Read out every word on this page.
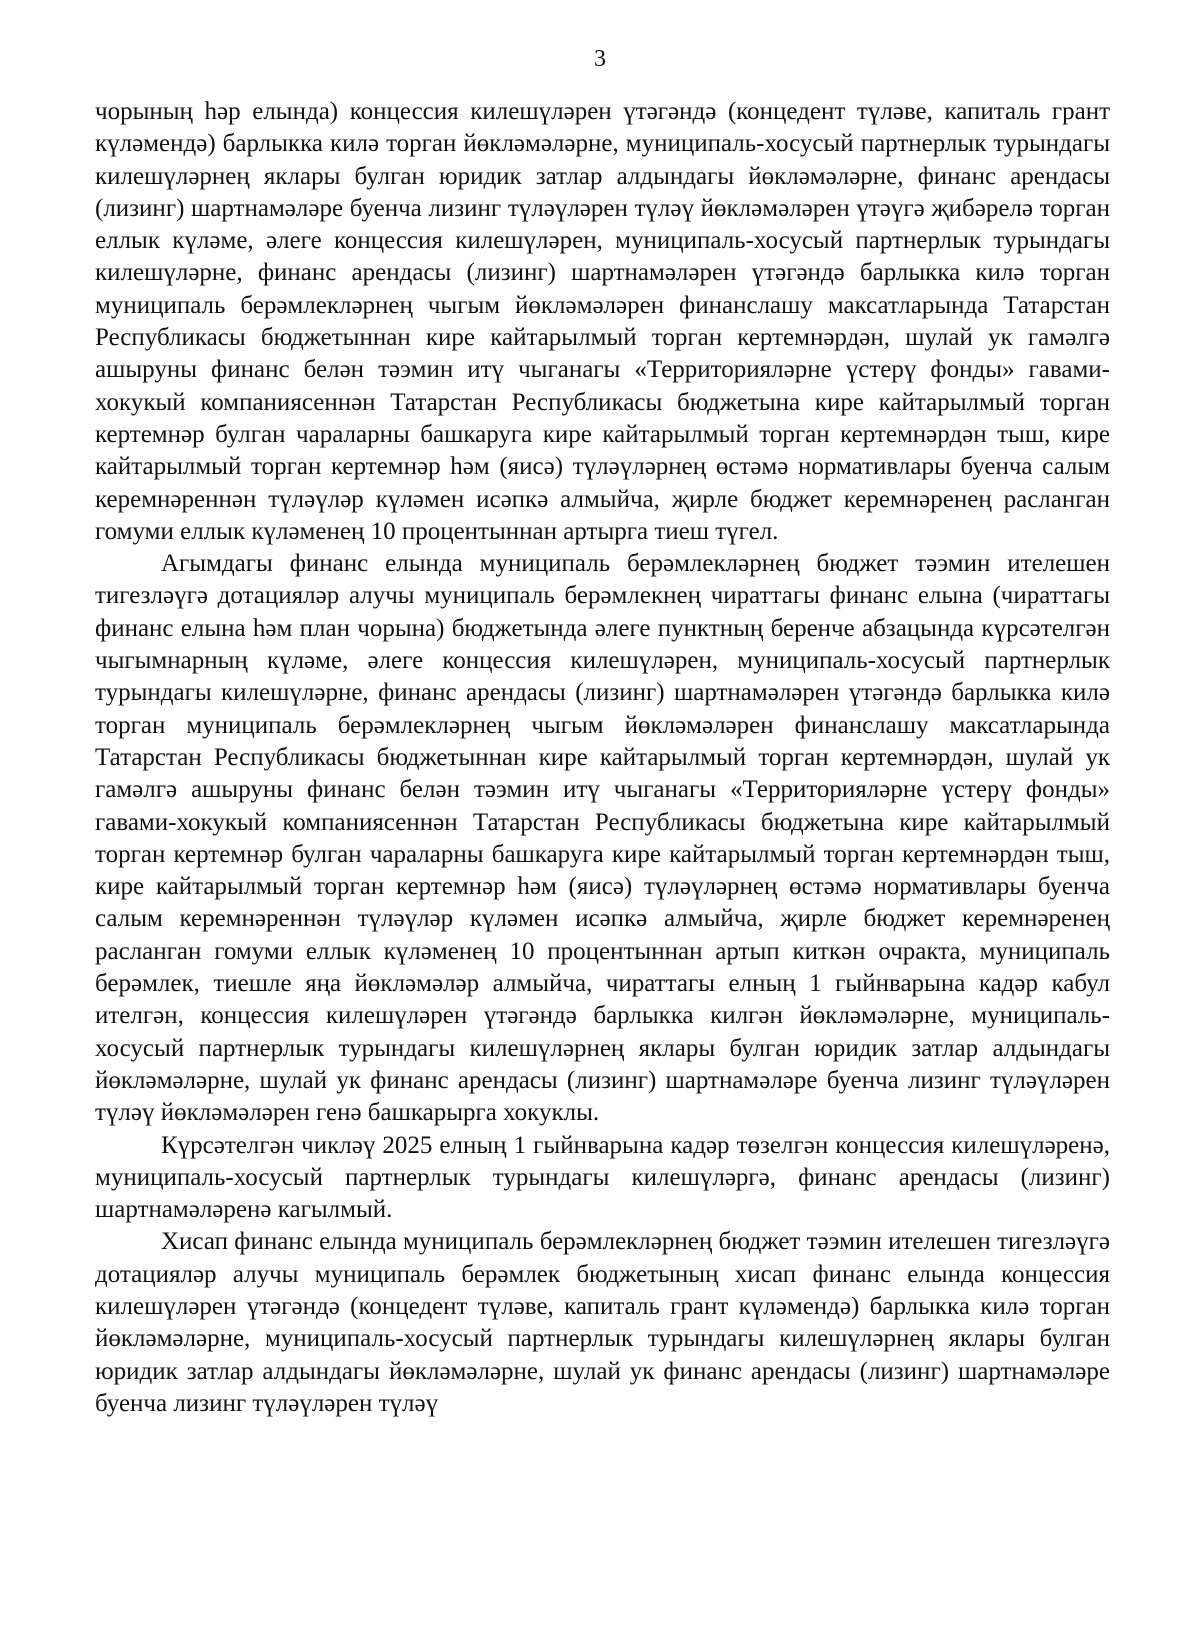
3

чорының һәр елында) концессия килешүләрен үтәгәндә (концедент түләве, капиталь грант күләмендә) барлыкка килә торган йөкләмәләрне, муниципаль-хосусый партнерлык турындагы килешүләрнең яклары булган юридик затлар алдындагы йөкләмәләрне, финанс арендасы (лизинг) шартнамәләре буенча лизинг түләүләрен түләү йөкләмәләрен үтәүгә җибәрелә торган еллык күләме, әлеге концессия килешүләрен, муниципаль-хосусый партнерлык турындагы килешүләрне, финанс арендасы (лизинг) шартнамәләрен үтәгәндә барлыкка килә торган муниципаль берәмлекләрнең чыгым йөкләмәләрен финанслашу максатларында Татарстан Республикасы бюджетыннан кире кайтарылмый торган кертемнәрдән, шулай ук гамәлгә ашыруны финанс белән тәэмин итү чыганагы «Территорияләрне үстерү фонды» гавами-хокукый компаниясеннән Татарстан Республикасы бюджетына кире кайтарылмый торган кертемнәр булган чараларны башкаруга кире кайтарылмый торган кертемнәрдән тыш, кире кайтарылмый торган кертемнәр һәм (яисә) түләүләрнең өстәмә нормативлары буенча салым керемнәреннән түләүләр күләмен исәпкә алмыйча, җирле бюджет керемнәренең расланган гомуми еллык күләменең 10 процентыннан артырга тиеш түгел.

Агымдагы финанс елында муниципаль берәмлекләрнең бюджет тәэмин ителешен тигезләүгә дотацияләр алучы муниципаль берәмлекнең чираттагы финанс елына (чираттагы финанс елына һәм план чорына) бюджетында әлеге пунктның беренче абзацында күрсәтелгән чыгымнарның күләме, әлеге концессия килешүләрен, муниципаль-хосусый партнерлык турындагы килешүләрне, финанс арендасы (лизинг) шартнамәләрен үтәгәндә барлыкка килә торган муниципаль берәмлекләрнең чыгым йөкләмәләрен финанслашу максатларында Татарстан Республикасы бюджетыннан кире кайтарылмый торган кертемнәрдән, шулай ук гамәлгә ашыруны финанс белән тәэмин итү чыганагы «Территорияләрне үстерү фонды» гавами-хокукый компаниясеннән Татарстан Республикасы бюджетына кире кайтарылмый торган кертемнәр булган чараларны башкаруга кире кайтарылмый торган кертемнәрдән тыш, кире кайтарылмый торган кертемнәр һәм (яисә) түләүләрнең өстәмә нормативлары буенча салым керемнәреннән түләүләр күләмен исәпкә алмыйча, җирле бюджет керемнәренең расланган гомуми еллык күләменең 10 процентыннан артып киткән очракта, муниципаль берәмлек, тиешле яңа йөкләмәләр алмыйча, чираттагы елның 1 гыйнварына кадәр кабул ителгән, концессия килешүләрен үтәгәндә барлыкка килгән йөкләмәләрне, муниципаль-хосусый партнерлык турындагы килешүләрнең яклары булган юридик затлар алдындагы йөкләмәләрне, шулай ук финанс арендасы (лизинг) шартнамәләре буенча лизинг түләүләрен түләү йөкләмәләрен генә башкарырга хокуклы.

Күрсәтелгән чикләү 2025 елның 1 гыйнварына кадәр төзелгән концессия килешүләренә, муниципаль-хосусый партнерлык турындагы килешүләргә, финанс арендасы (лизинг) шартнамәләренә кагылмый.

Хисап финанс елында муниципаль берәмлекләрнең бюджет тәэмин ителешен тигезләүгә дотацияләр алучы муниципаль берәмлек бюджетының хисап финанс елында концессия килешүләрен үтәгәндә (концедент түләве, капиталь грант күләмендә) барлыкка килә торган йөкләмәләрне, муниципаль-хосусый партнерлык турындагы килешүләрнең яклары булган юридик затлар алдындагы йөкләмәләрне, шулай ук финанс арендасы (лизинг) шартнамәләре буенча лизинг түләүләрен түләү
